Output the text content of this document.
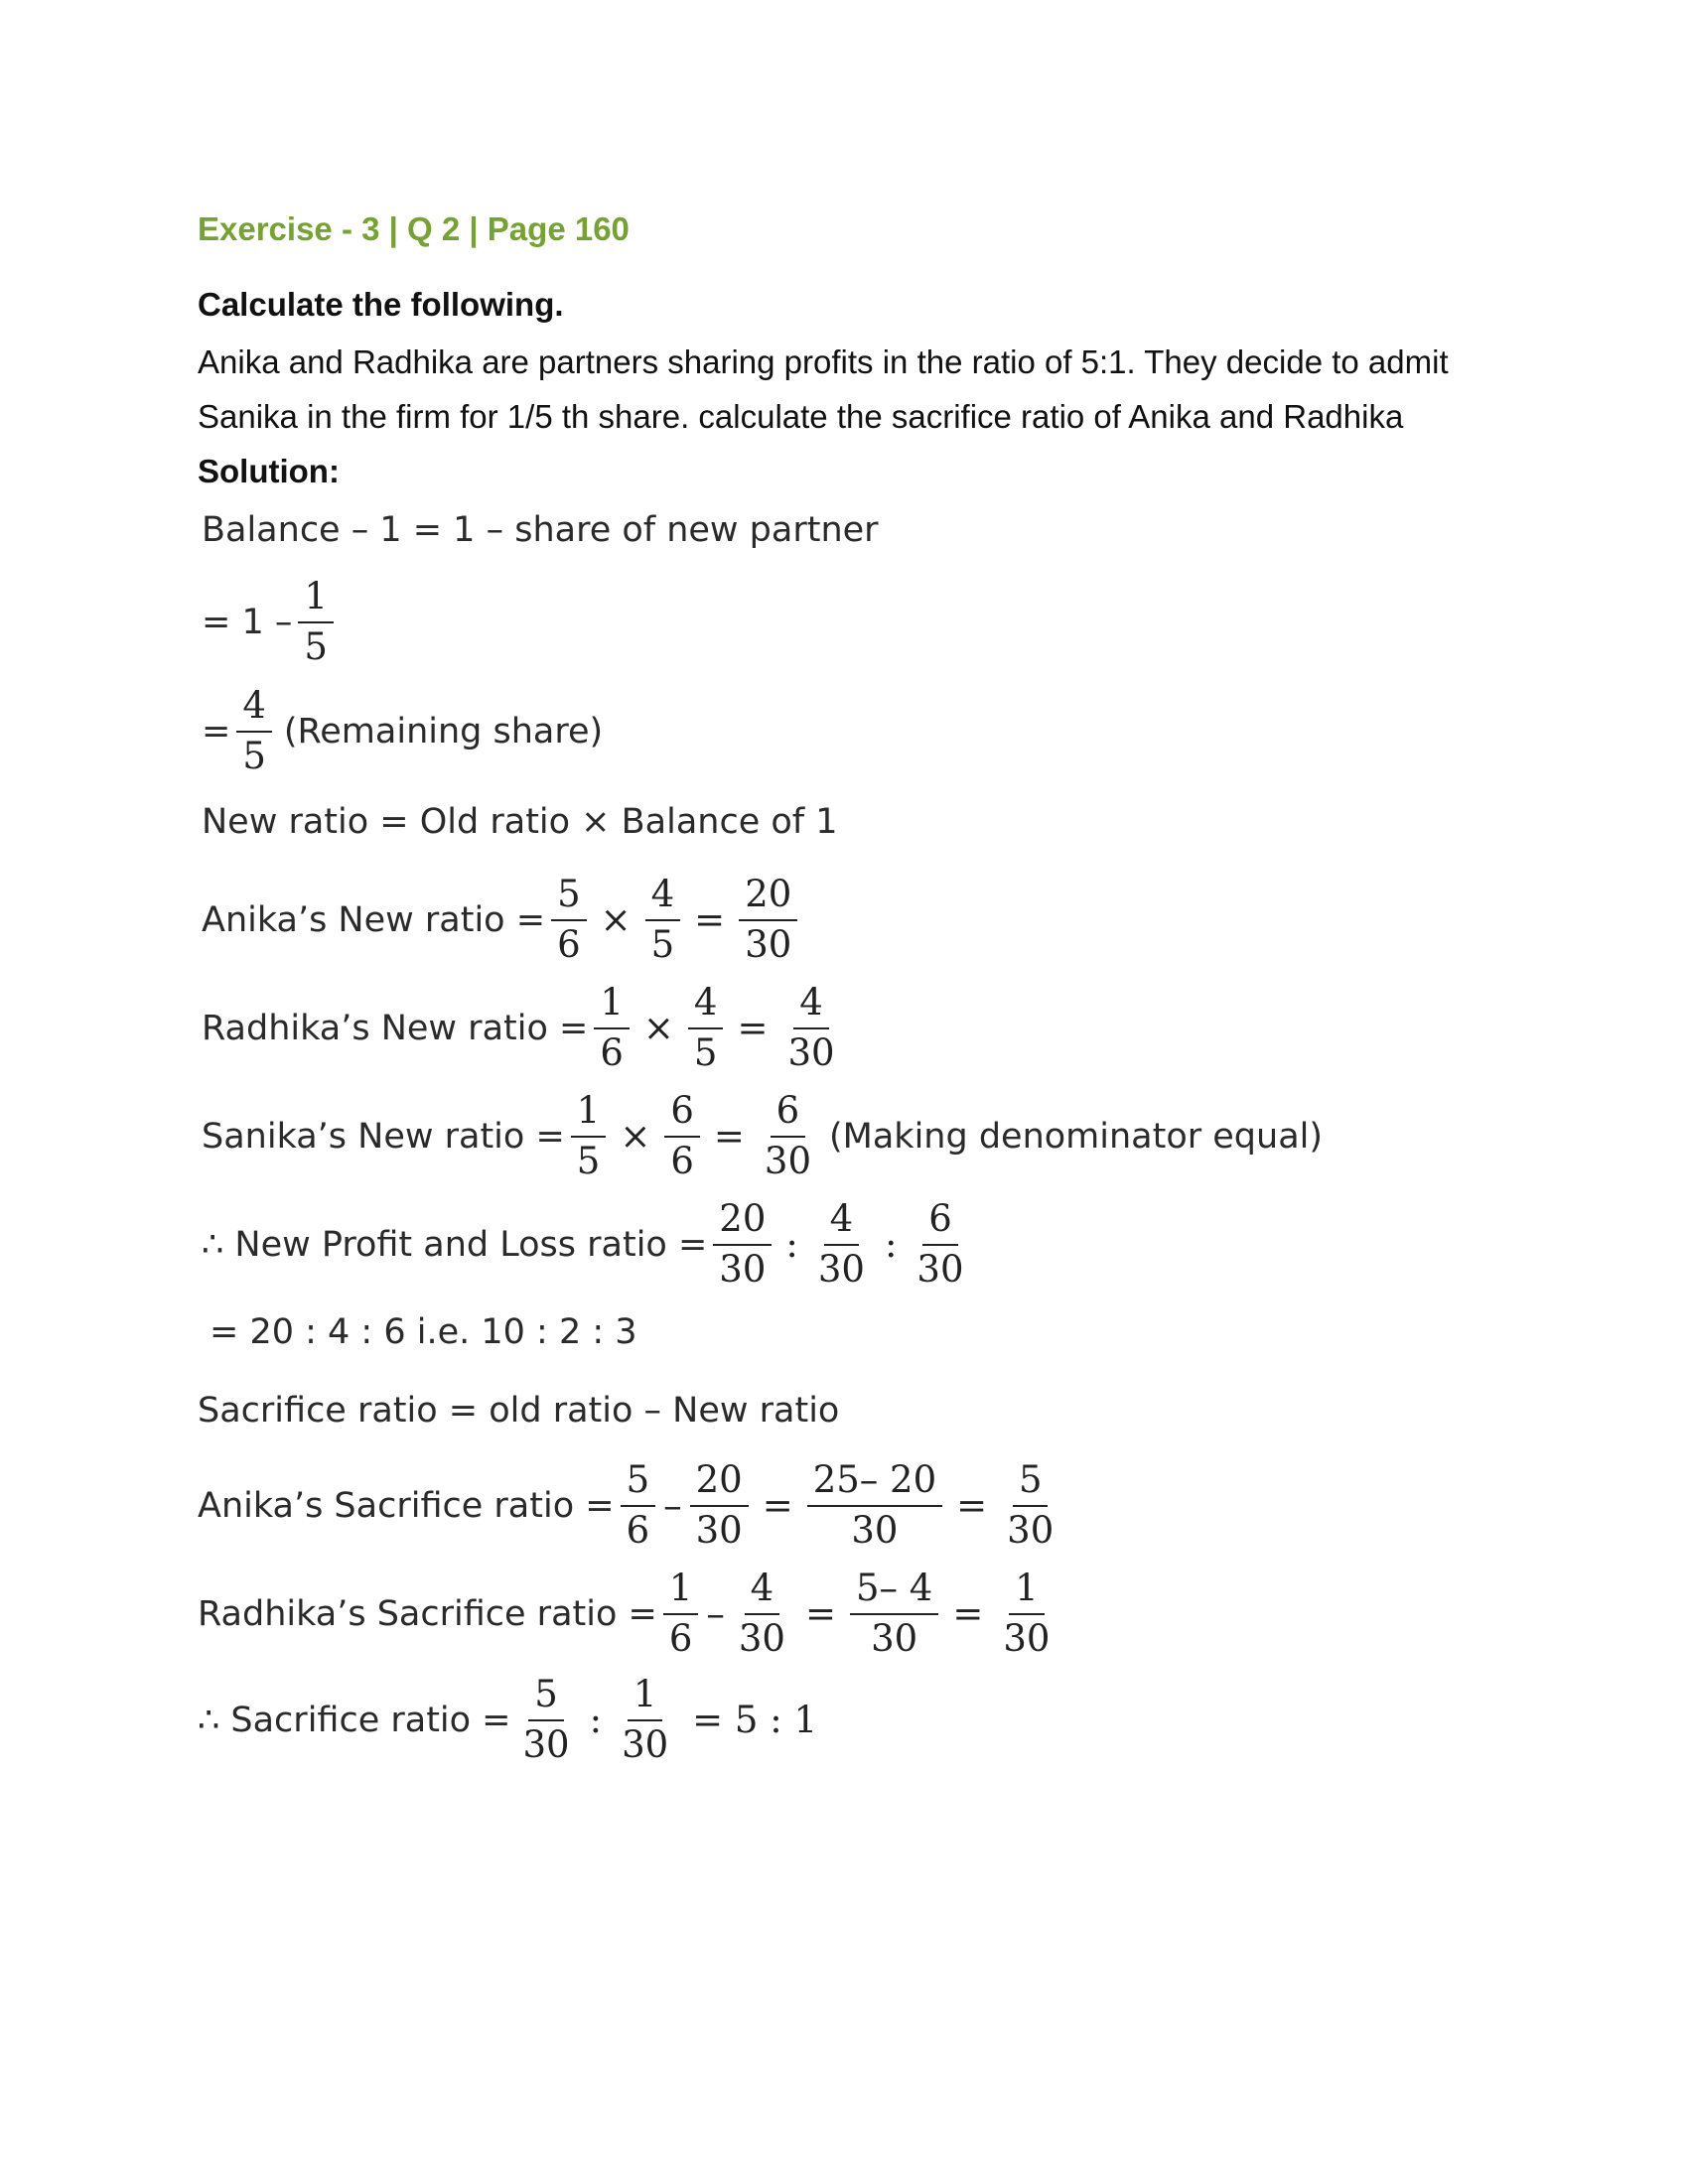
Exercise - 3 | Q 2 | Page 160
Calculate the following.
Anika and Radhika are partners sharing profits in the ratio of 5:1. They decide to admit
Sanika in the firm for 1/5 th share. calculate the sacrifice ratio of Anika and Radhika
Solution:
Balance – 1 = 1 – share of new partner
= $1 - \frac{1}{5}$
= $\frac{4}{5}$ (Remaining share)
New ratio = Old ratio × Balance of 1
Anika’s New ratio = $\frac{5}{6} \times \frac{4}{5} = \frac{20}{30}$
Radhika’s New ratio = $\frac{1}{6} \times \frac{4}{5} = \frac{4}{30}$
Sanika’s New ratio = $\frac{1}{5} \times \frac{6}{6} = \frac{6}{30}$ (Making denominator equal)
∴ New Profit and Loss ratio = $\frac{20}{30}$ : $\frac{4}{30}$ : $\frac{6}{30}$
= 20 : 4 : 6 i.e. 10 : 2 : 3
Sacrifice ratio = old ratio – New ratio
Anika’s Sacrifice ratio = $\frac{5}{6} - \frac{20}{30} = \frac{25- 20}{30} = \frac{5}{30}$
Radhika’s Sacrifice ratio = $\frac{1}{6} - \frac{4}{30} = \frac{5- 4}{30} = \frac{1}{30}$
∴ Sacrifice ratio = $\frac{5}{30}$ : $\frac{1}{30} = 5$ : 1
